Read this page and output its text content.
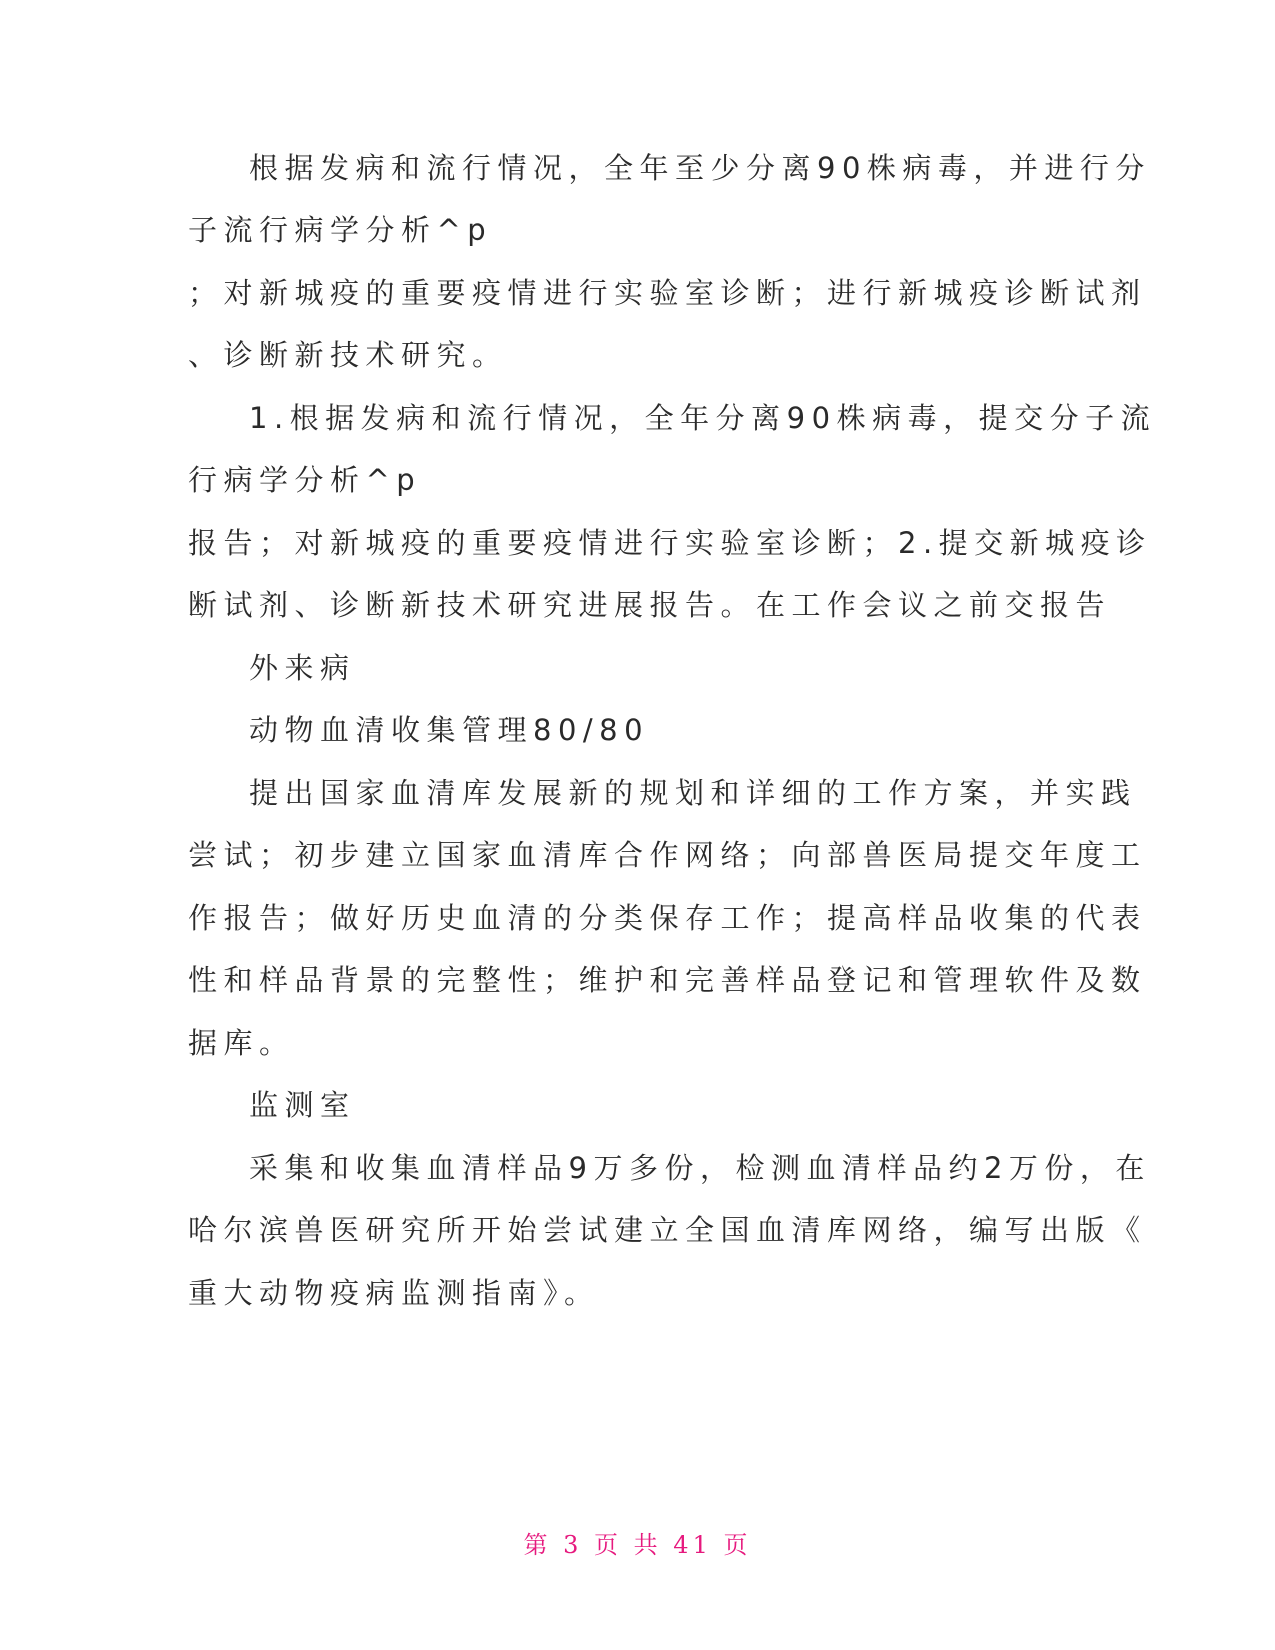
根据发病和流行情况，全年至少分离90株病毒，并进行分
子流行病学分析^p
；对新城疫的重要疫情进行实验室诊断；进行新城疫诊断试剂
、诊断新技术研究。
1.根据发病和流行情况，全年分离90株病毒，提交分子流
行病学分析^p
报告；对新城疫的重要疫情进行实验室诊断；2.提交新城疫诊
断试剂、诊断新技术研究进展报告。在工作会议之前交报告
外来病
动物血清收集管理80/80
提出国家血清库发展新的规划和详细的工作方案，并实践
尝试；初步建立国家血清库合作网络；向部兽医局提交年度工
作报告；做好历史血清的分类保存工作；提高样品收集的代表
性和样品背景的完整性；维护和完善样品登记和管理软件及数
据库。
监测室
采集和收集血清样品9万多份，检测血清样品约2万份，在
哈尔滨兽医研究所开始尝试建立全国血清库网络，编写出版《
重大动物疫病监测指南》。
第 3 页 共 41 页
